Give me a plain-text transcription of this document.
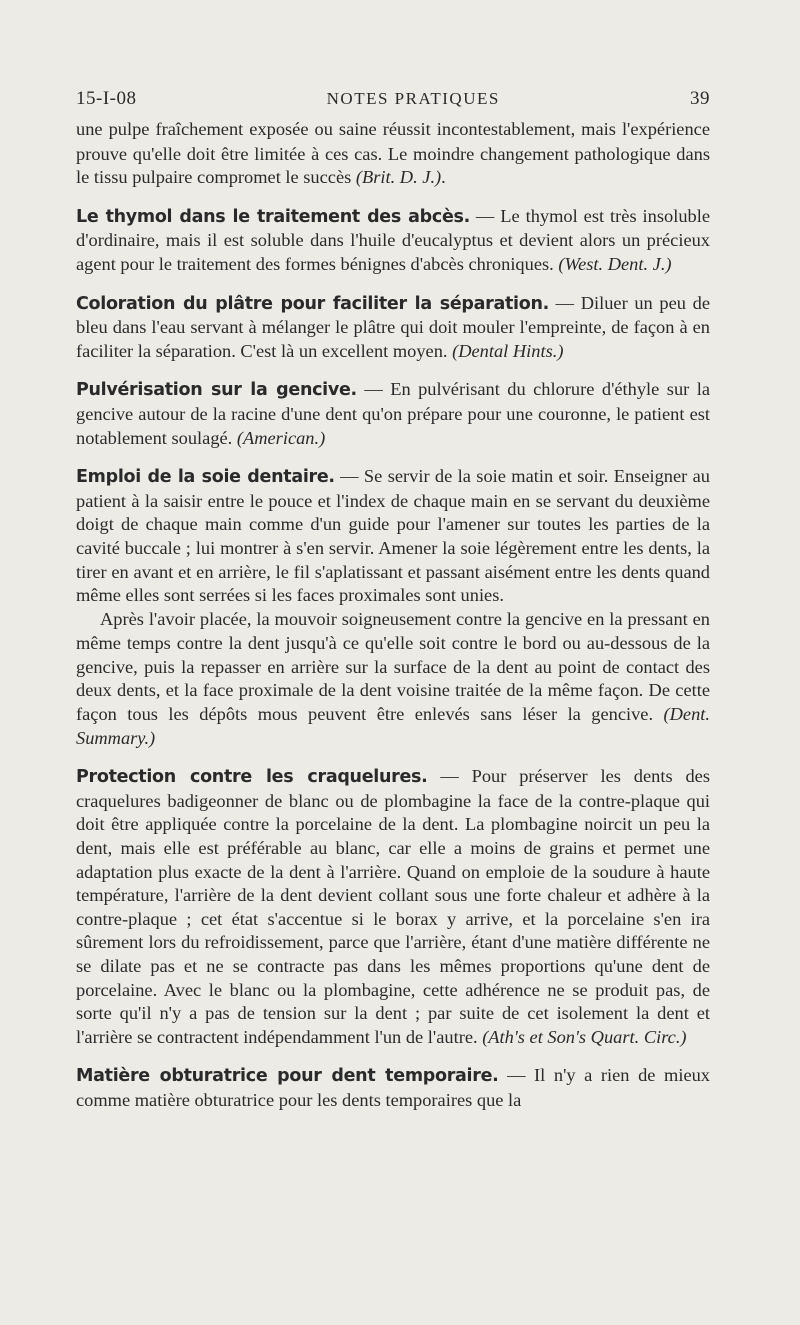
15-I-08	NOTES PRATIQUES	39

une pulpe fraîchement exposée ou saine réussit incontestablement, mais l'expérience prouve qu'elle doit être limitée à ces cas. Le moindre changement pathologique dans le tissu pulpaire compromet le succès (Brit. D. J.).

Le thymol dans le traitement des abcès. — Le thymol est très insoluble d'ordinaire, mais il est soluble dans l'huile d'eucalyptus et devient alors un précieux agent pour le traitement des formes bénignes d'abcès chroniques. (West. Dent. J.)

Coloration du plâtre pour faciliter la séparation. — Diluer un peu de bleu dans l'eau servant à mélanger le plâtre qui doit mouler l'empreinte, de façon à en faciliter la séparation. C'est là un excellent moyen. (Dental Hints.)

Pulvérisation sur la gencive. — En pulvérisant du chlorure d'éthyle sur la gencive autour de la racine d'une dent qu'on prépare pour une couronne, le patient est notablement soulagé. (American.)

Emploi de la soie dentaire. — Se servir de la soie matin et soir. Enseigner au patient à la saisir entre le pouce et l'index de chaque main en se servant du deuxième doigt de chaque main comme d'un guide pour l'amener sur toutes les parties de la cavité buccale ; lui montrer à s'en servir. Amener la soie légèrement entre les dents, la tirer en avant et en arrière, le fil s'aplatissant et passant aisément entre les dents quand même elles sont serrées si les faces proximales sont unies.

Après l'avoir placée, la mouvoir soigneusement contre la gencive en la pressant en même temps contre la dent jusqu'à ce qu'elle soit contre le bord ou au-dessous de la gencive, puis la repasser en arrière sur la surface de la dent au point de contact des deux dents, et la face proximale de la dent voisine traitée de la même façon. De cette façon tous les dépôts mous peuvent être enlevés sans léser la gencive. (Dent. Summary.)

Protection contre les craquelures. — Pour préserver les dents des craquelures badigeonner de blanc ou de plombagine la face de la contre-plaque qui doit être appliquée contre la porcelaine de la dent. La plombagine noircit un peu la dent, mais elle est préférable au blanc, car elle a moins de grains et permet une adaptation plus exacte de la dent à l'arrière. Quand on emploie de la soudure à haute température, l'arrière de la dent devient collant sous une forte chaleur et adhère à la contre-plaque ; cet état s'accentue si le borax y arrive, et la porcelaine s'en ira sûrement lors du refroidissement, parce que l'arrière, étant d'une matière différente ne se dilate pas et ne se contracte pas dans les mêmes proportions qu'une dent de porcelaine. Avec le blanc ou la plombagine, cette adhérence ne se produit pas, de sorte qu'il n'y a pas de tension sur la dent ; par suite de cet isolement la dent et l'arrière se contractent indépendamment l'un de l'autre. (Ath's et Son's Quart. Circ.)

Matière obturatrice pour dent temporaire. — Il n'y a rien de mieux comme matière obturatrice pour les dents temporaires que la
